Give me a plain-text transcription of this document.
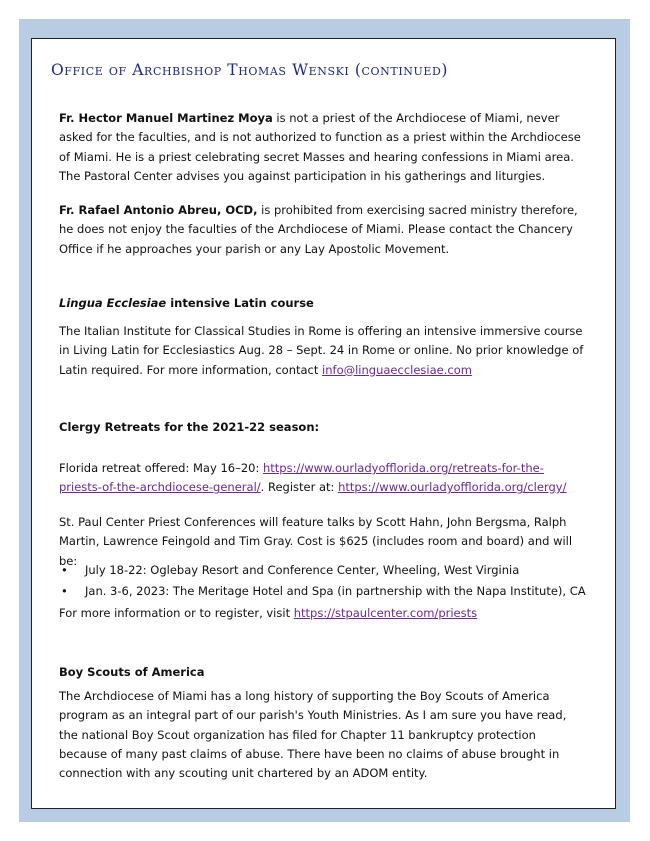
Office of Archbishop Thomas Wenski (continued)

Fr. Hector Manuel Martinez Moya is not a priest of the Archdiocese of Miami, never asked for the faculties, and is not authorized to function as a priest within the Archdiocese of Miami. He is a priest celebrating secret Masses and hearing confessions in Miami area. The Pastoral Center advises you against participation in his gatherings and liturgies.

Fr. Rafael Antonio Abreu, OCD, is prohibited from exercising sacred ministry therefore, he does not enjoy the faculties of the Archdiocese of Miami. Please contact the Chancery Office if he approaches your parish or any Lay Apostolic Movement.

Lingua Ecclesiae intensive Latin course

The Italian Institute for Classical Studies in Rome is offering an intensive immersive course in Living Latin for Ecclesiastics Aug. 28 – Sept. 24 in Rome or online. No prior knowledge of Latin required. For more information, contact info@linguaecclesiae.com

Clergy Retreats for the 2021-22 season:

Florida retreat offered: May 16–20: https://www.ourladyofflorida.org/retreats-for-the-priests-of-the-archdiocese-general/. Register at: https://www.ourladyofflorida.org/clergy/

St. Paul Center Priest Conferences will feature talks by Scott Hahn, John Bergsma, Ralph Martin, Lawrence Feingold and Tim Gray. Cost is $625 (includes room and board) and will be:

• July 18-22: Oglebay Resort and Conference Center, Wheeling, West Virginia
• Jan. 3-6, 2023: The Meritage Hotel and Spa (in partnership with the Napa Institute), CA

For more information or to register, visit https://stpaulcenter.com/priests

Boy Scouts of America

The Archdiocese of Miami has a long history of supporting the Boy Scouts of America program as an integral part of our parish's Youth Ministries. As I am sure you have read, the national Boy Scout organization has filed for Chapter 11 bankruptcy protection because of many past claims of abuse. There have been no claims of abuse brought in connection with any scouting unit chartered by an ADOM entity.
